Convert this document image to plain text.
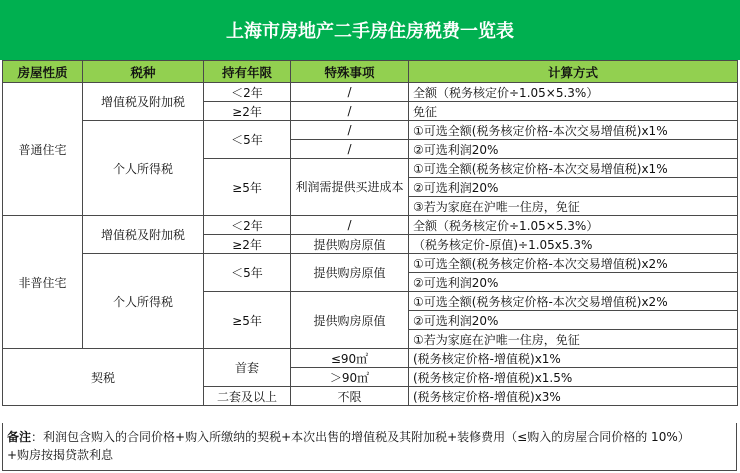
上海市房地产二手房住房税费一览表
房屋性质	税种	持有年限	特殊事项	计算方式
普通住宅	增值税及附加税	＜2年	/	全额（税务核定价÷1.05×5.3%）
		≥2年	/	免征
	个人所得税	＜5年	/	①可选全额(税务核定价格-本次交易增值税)x1%
			/	②可选利润20%
		≥5年	利润需提供买进成本	①可选全额(税务核定价格-本次交易增值税)x1%
				②可选利润20%
				③若为家庭在沪唯一住房，免征
非普住宅	增值税及附加税	＜2年	/	全额（税务核定价÷1.05×5.3%）
		≥2年	提供购房原值	（税务核定价-原值)÷1.05x5.3%
	个人所得税	＜5年	提供购房原值	①可选全额(税务核定价格-本次交易增值税)x2%
				②可选利润20%
		≥5年	提供购房原值	①可选全额(税务核定价格-本次交易增值税)x2%
				②可选利润20%
				①若为家庭在沪唯一住房，免征
契税		首套	≤90㎡	(税务核定价格-增值税)x1%
			＞90㎡	(税务核定价格-增值税)x1.5%
		二套及以上	不限	(税务核定价格-增值税)x3%
备注：利润包含购入的合同价格+购入所缴纳的契税+本次出售的增值税及其附加税+装修费用（≤购入的房屋合同价格的 10%）
+购房按揭贷款利息
